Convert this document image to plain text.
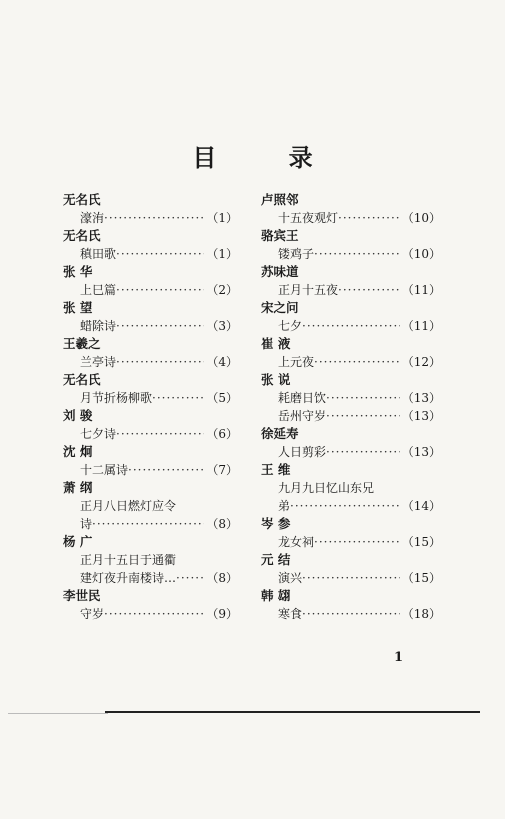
目 录
无名氏
濠洧 ·····	（1）
无名氏
稹田歌 ·····	（1）
张 华
上巳篇 ·····	（2）
张 望
蜡除诗 ·····	（3）
王羲之
兰亭诗 ·····	（4）
无名氏
月节折杨柳歌 ·····	（5）
刘 骏
七夕诗 ·····	（6）
沈 炯
十二属诗 ·····	（7）
萧 纲
正月八日燃灯应令
诗 ·····	（8）
杨 广
正月十五日于通衢
建灯夜升南楼诗… ·····	（8）
李世民
守岁 ·····	（9）
卢照邻
十五夜观灯 ·····	（10）
骆宾王
镂鸡子 ·····	（10）
苏味道
正月十五夜 ·····	（11）
宋之问
七夕 ·····	（11）
崔 液
上元夜 ·····	（12）
张 说
耗磨日饮 ·····	（13）
岳州守岁 ·····	（13）
徐延寿
人日剪彩 ·····	（13）
王 维
九月九日忆山东兄
弟 ·····	（14）
岑 参
龙女祠 ·····	（15）
元 结
演兴 ·····	（15）
韩 翃
寒食 ·····	（18）
1
